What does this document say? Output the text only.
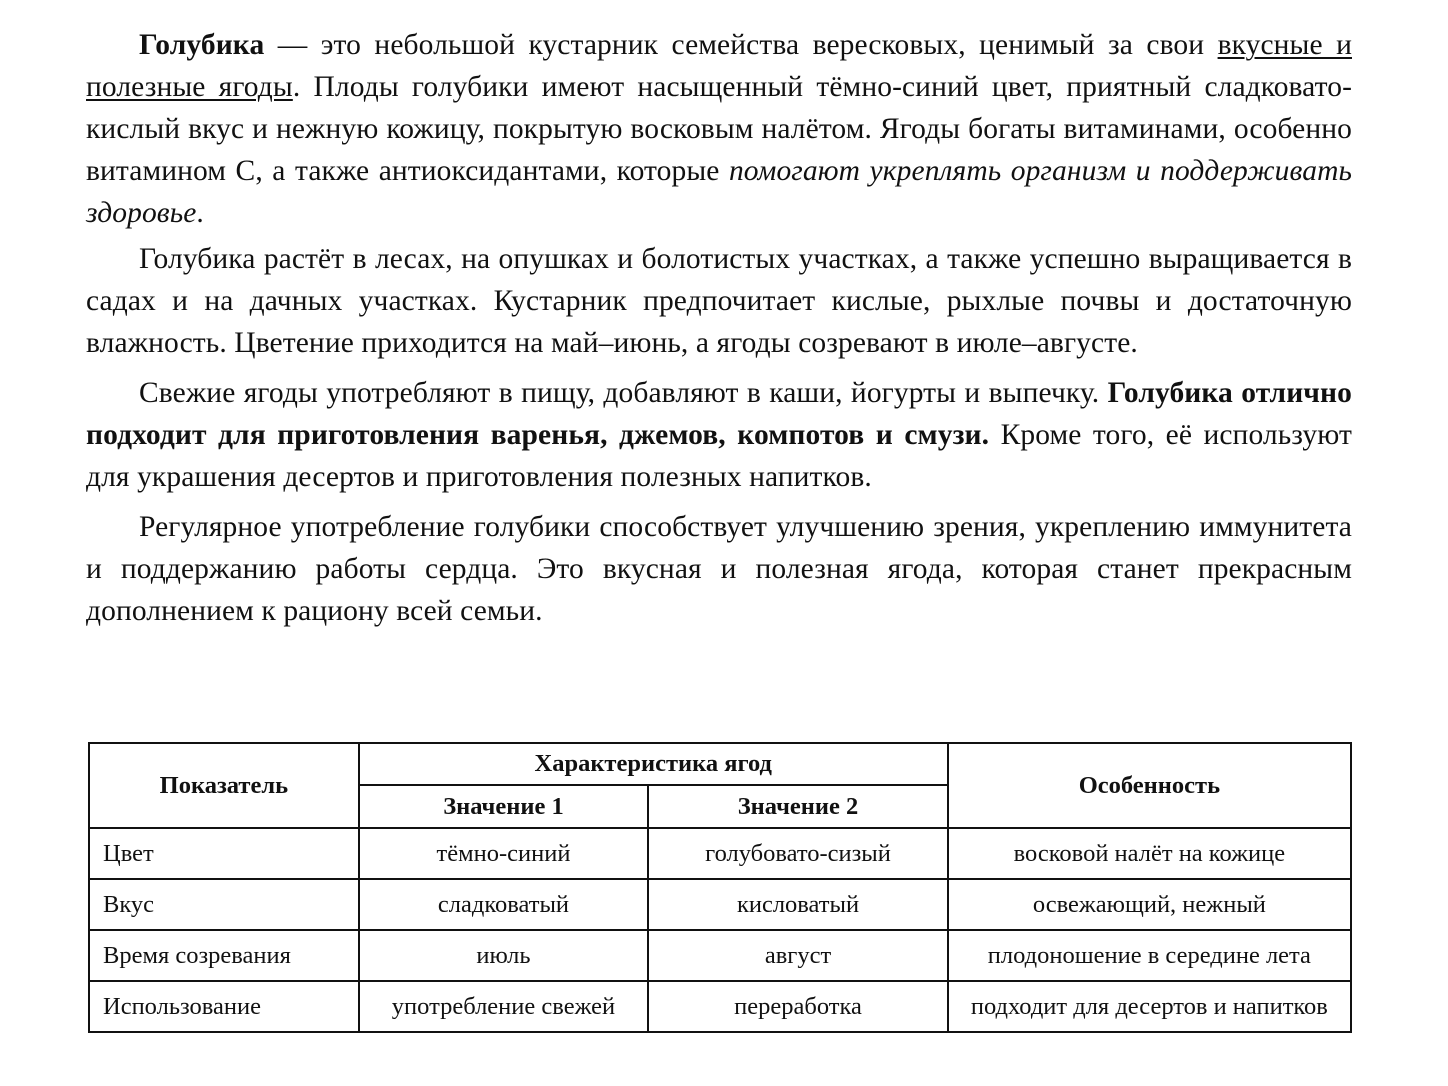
Голубика — это небольшой кустарник семейства вересковых, ценимый за свои вкусные и полезные ягоды. Плоды голубики имеют насыщенный тёмно-синий цвет, приятный сладковато-кислый вкус и нежную кожицу, покрытую восковым налётом. Ягоды богаты витаминами, особенно витамином С, а также антиоксидантами, которые помогают укреплять организм и поддерживать здоровье.

Голубика растёт в лесах, на опушках и болотистых участках, а также успешно выращивается в садах и на дачных участках. Кустарник предпочитает кислые, рыхлые почвы и достаточную влажность. Цветение приходится на май–июнь, а ягоды созревают в июле–августе.

Свежие ягоды употребляют в пищу, добавляют в каши, йогурты и выпечку. Голубика отлично подходит для приготовления варенья, джемов, компотов и смузи. Кроме того, её используют для украшения десертов и приготовления полезных напитков.

Регулярное употребление голубики способствует улучшению зрения, укреплению иммунитета и поддержанию работы сердца. Это вкусная и полезная ягода, которая станет прекрасным дополнением к рациону всей семьи.

Показатель	Характеристика ягод		Особенность
	Значение 1	Значение 2	
Цвет	тёмно-синий	голубовато-сизый	восковой налёт на кожице
Вкус	сладковатый	кисловатый	освежающий, нежный
Время созревания	июль	август	плодоношение в середине лета
Использование	употребление свежей	переработка	подходит для десертов и напитков
